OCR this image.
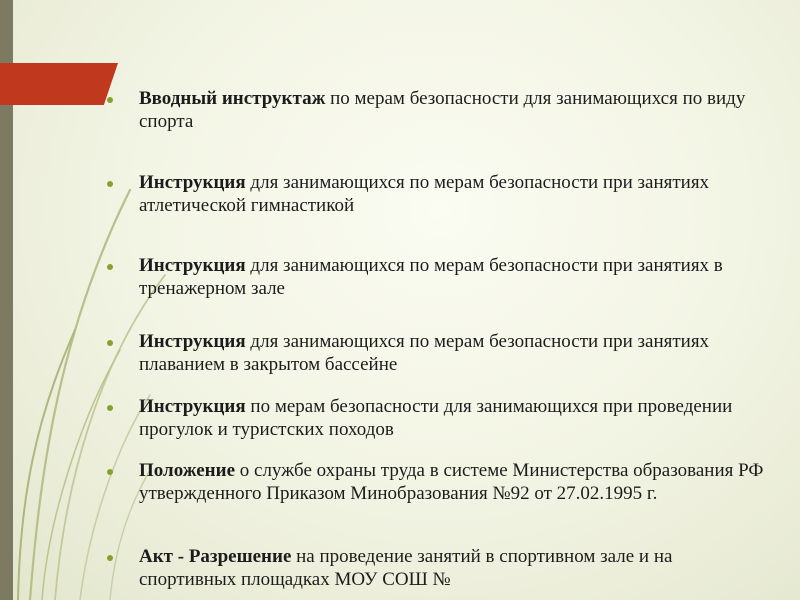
Вводный инструктаж по мерам безопасности для занимающихся по виду спорта
Инструкция для занимающихся по мерам безопасности при занятиях атлетической гимнастикой
Инструкция для занимающихся по мерам безопасности при занятиях в тренажерном зале
Инструкция для занимающихся по мерам безопасности при занятиях плаванием в закрытом бассейне
Инструкция по мерам безопасности для занимающихся при проведении прогулок и туристских походов
Положение о службе охраны труда в системе Министерства образования РФ утвержденного Приказом Минобразования №92 от 27.02.1995 г.
Акт - Разрешение на проведение занятий в спортивном зале и на спортивных площадках МОУ СОШ №
